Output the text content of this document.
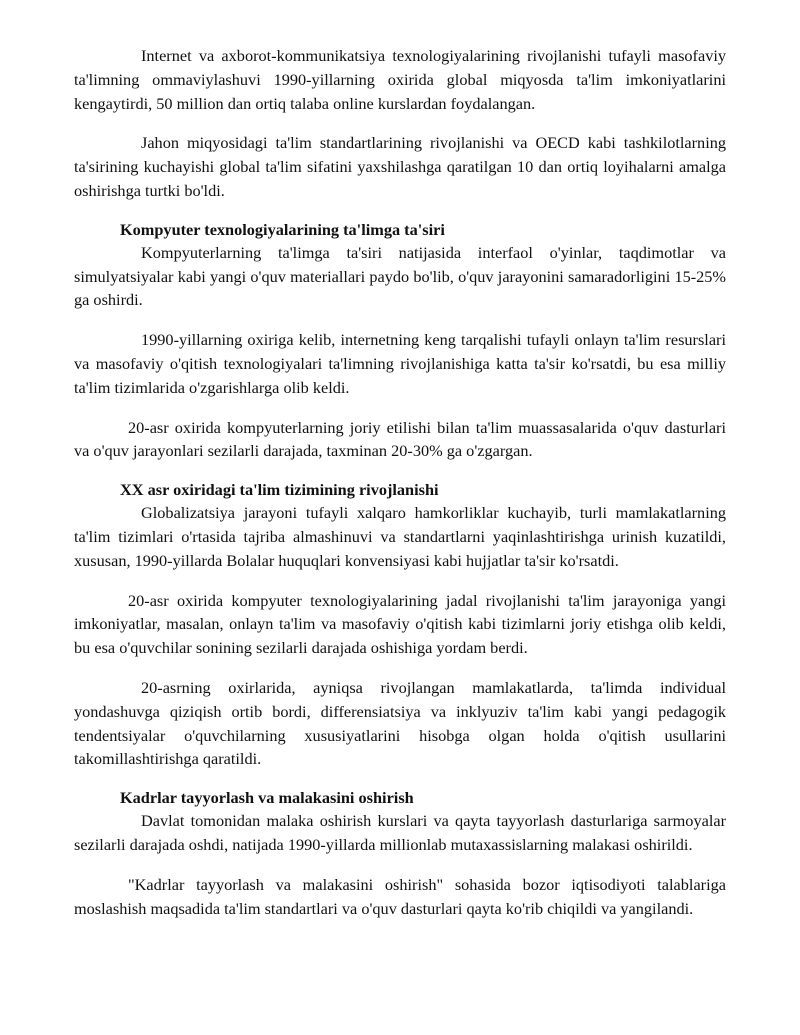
Internet va axborot-kommunikatsiya texnologiyalarining rivojlanishi tufayli masofaviy ta'limning ommaviylashuvi 1990-yillarning oxirida global miqyosda ta'lim imkoniyatlarini kengaytirdi, 50 million dan ortiq talaba online kurslardan foydalangan.

Jahon miqyosidagi ta'lim standartlarining rivojlanishi va OECD kabi tashkilotlarning ta'sirining kuchayishi global ta'lim sifatini yaxshilashga qaratilgan 10 dan ortiq loyihalarni amalga oshirishga turtki bo'ldi.

Kompyuter texnologiyalarining ta'limga ta'siri

Kompyuterlarning ta'limga ta'siri natijasida interfaol o'yinlar, taqdimotlar va simulyatsiyalar kabi yangi o'quv materiallari paydo bo'lib, o'quv jarayonini samaradorligini 15-25% ga oshirdi.

1990-yillarning oxiriga kelib, internetning keng tarqalishi tufayli onlayn ta'lim resurslari va masofaviy o'qitish texnologiyalari ta'limning rivojlanishiga katta ta'sir ko'rsatdi, bu esa milliy ta'lim tizimlarida o'zgarishlarga olib keldi.

20-asr oxirida kompyuterlarning joriy etilishi bilan ta'lim muassasalarida o'quv dasturlari va o'quv jarayonlari sezilarli darajada, taxminan 20-30% ga o'zgargan.

XX asr oxiridagi ta'lim tizimining rivojlanishi

Globalizatsiya jarayoni tufayli xalqaro hamkorliklar kuchayib, turli mamlakatlarning ta'lim tizimlari o'rtasida tajriba almashinuvi va standartlarni yaqinlashtirishga urinish kuzatildi, xususan, 1990-yillarda Bolalar huquqlari konvensiyasi kabi hujjatlar ta'sir ko'rsatdi.

20-asr oxirida kompyuter texnologiyalarining jadal rivojlanishi ta'lim jarayoniga yangi imkoniyatlar, masalan, onlayn ta'lim va masofaviy o'qitish kabi tizimlarni joriy etishga olib keldi, bu esa o'quvchilar sonining sezilarli darajada oshishiga yordam berdi.

20-asrning oxirlarida, ayniqsa rivojlangan mamlakatlarda, ta'limda individual yondashuvga qiziqish ortib bordi, differensiatsiya va inklyuziv ta'lim kabi yangi pedagogik tendentsiyalar o'quvchilarning xususiyatlarini hisobga olgan holda o'qitish usullarini takomillashtirishga qaratildi.

Kadrlar tayyorlash va malakasini oshirish

Davlat tomonidan malaka oshirish kurslari va qayta tayyorlash dasturlariga sarmoyalar sezilarli darajada oshdi, natijada 1990-yillarda millionlab mutaxassislarning malakasi oshirildi.

"Kadrlar tayyorlash va malakasini oshirish" sohasida bozor iqtisodiyoti talablariga moslashish maqsadida ta'lim standartlari va o'quv dasturlari qayta ko'rib chiqildi va yangilandi.
